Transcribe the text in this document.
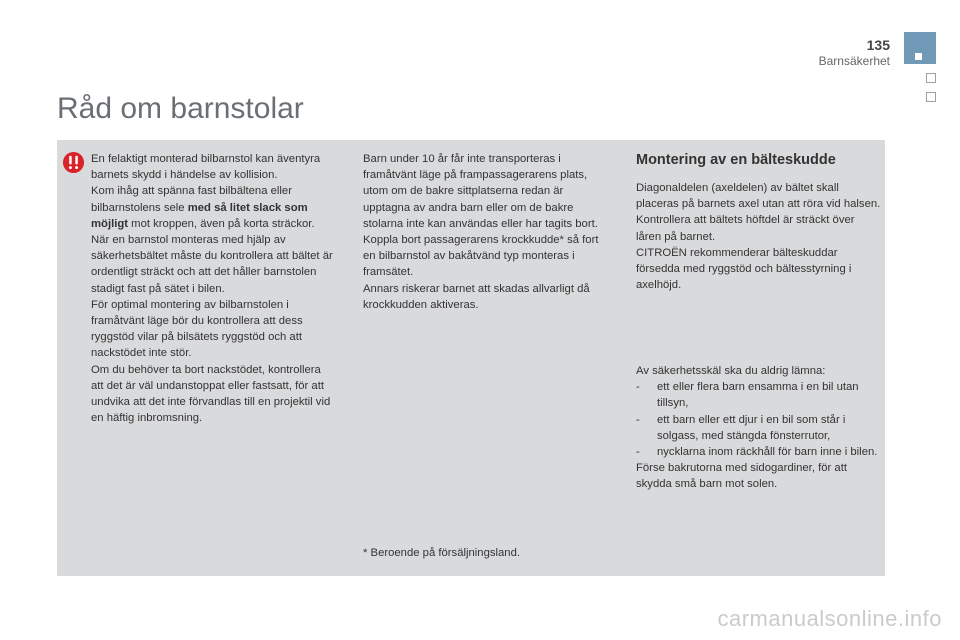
135
Barnsäkerhet
Råd om barnstolar

En felaktigt monterad bilbarnstol kan äventyra barnets skydd i händelse av kollision.

Kom ihåg att spänna fast bilbältena eller bilbarnstolens sele med så litet slack som möjligt mot kroppen, även på korta sträckor.

När en barnstol monteras med hjälp av säkerhetsbältet måste du kontrollera att bältet är ordentligt sträckt och att det håller barnstolen stadigt fast på sätet i bilen.

För optimal montering av bilbarnstolen i framåtvänt läge bör du kontrollera att dess ryggstöd vilar på bilsätets ryggstöd och att nackstödet inte stör.

Om du behöver ta bort nackstödet, kontrollera att det är väl undanstoppat eller fastsatt, för att undvika att det inte förvandlas till en projektil vid en häftig inbromsning.

Barn under 10 år får inte transporteras i framåtvänt läge på frampassagerarens plats, utom om de bakre sittplatserna redan är upptagna av andra barn eller om de bakre stolarna inte kan användas eller har tagits bort.

Koppla bort passagerarens krockkudde* så fort en bilbarnstol av bakåtvänd typ monteras i framsätet.

Annars riskerar barnet att skadas allvarligt då krockkudden aktiveras.

Montering av en bälteskudde

Diagonaldelen (axeldelen) av bältet skall placeras på barnets axel utan att röra vid halsen.

Kontrollera att bältets höftdel är sträckt över låren på barnet.

CITROËN rekommenderar bälteskuddar försedda med ryggstöd och bältesstyrning i axelhöjd.

Av säkerhetsskäl ska du aldrig lämna:

- ett eller flera barn ensamma i en bil utan tillsyn,
- ett barn eller ett djur i en bil som står i solgass, med stängda fönsterrutor,
- nycklarna inom räckhåll för barn inne i bilen.

Förse bakrutorna med sidogardiner, för att skydda små barn mot solen.

* Beroende på försäljningsland.
carmanualsonline.info
